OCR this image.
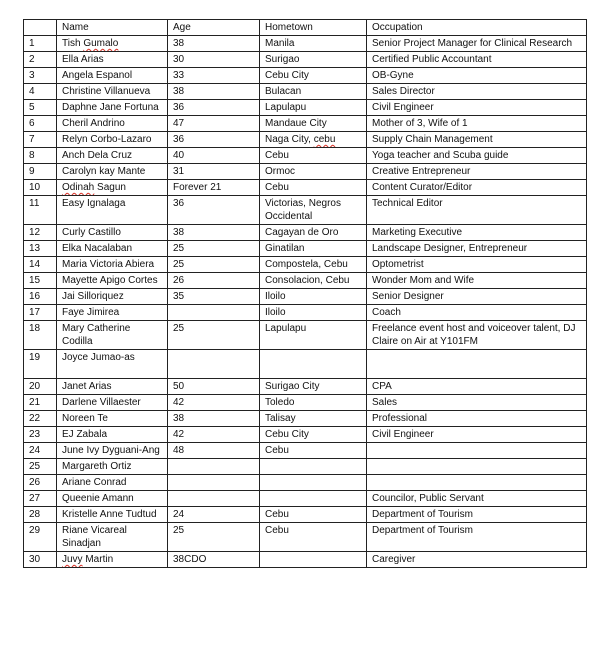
	Name	Age	Hometown	Occupation
1	Tish Gumalo	38	Manila	Senior Project Manager for Clinical Research
2	Ella Arias	30	Surigao	Certified Public Accountant
3	Angela Espanol	33	Cebu City	OB-Gyne
4	Christine Villanueva	38	Bulacan	Sales Director
5	Daphne Jane Fortuna	36	Lapulapu	Civil Engineer
6	Cheril Andrino	47	Mandaue City	Mother of 3, Wife of 1
7	Relyn Corbo-Lazaro	36	Naga City, cebu	Supply Chain Management
8	Anch Dela Cruz	40	Cebu	Yoga teacher and Scuba guide
9	Carolyn kay Mante	31	Ormoc	Creative Entrepreneur
10	Odinah Sagun	Forever 21	Cebu	Content Curator/Editor
11	Easy Ignalaga	36	Victorias, Negros Occidental	Technical Editor
12	Curly Castillo	38	Cagayan de Oro	Marketing Executive
13	Elka Nacalaban	25	Ginatilan	Landscape Designer, Entrepreneur
14	Maria Victoria Abiera	25	Compostela, Cebu	Optometrist
15	Mayette Apigo Cortes	26	Consolacion, Cebu	Wonder Mom and Wife
16	Jai Silloriquez	35	Iloilo	Senior Designer
17	Faye Jimirea		Iloilo	Coach
18	Mary Catherine Codilla	25	Lapulapu	Freelance event host and voiceover talent, DJ Claire on Air at Y101FM
19	Joyce Jumao-as			
20	Janet Arias	50	Surigao City	CPA
21	Darlene Villaester	42	Toledo	Sales
22	Noreen Te	38	Talisay	Professional
23	EJ Zabala	42	Cebu City	Civil Engineer
24	June Ivy Dyguani-Ang	48	Cebu	
25	Margareth Ortiz			
26	Ariane Conrad			
27	Queenie Amann			Councilor, Public Servant
28	Kristelle Anne Tudtud	24	Cebu	Department of Tourism
29	Riane Vicareal Sinadjan	25	Cebu	Department of Tourism
30	Juvy Martin	38CDO		Caregiver
